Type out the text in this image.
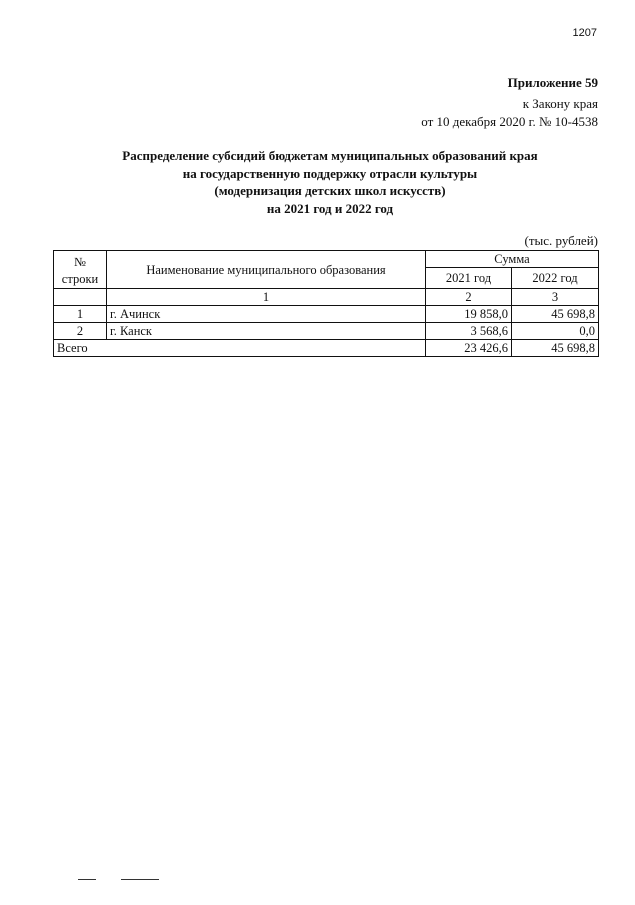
1207
Приложение 59
к Закону края
от 10 декабря 2020 г. № 10-4538
Распределение субсидий бюджетам муниципальных образований края
на государственную поддержку отрасли культуры
(модернизация детских школ искусств)
на 2021 год и 2022 год
(тыс. рублей)
№
строки	Наименование муниципального образования	Сумма	
		2021 год	2022 год
	1	2	3
1	г. Ачинск	19 858,0	45 698,8
2	г. Канск	3 568,6	0,0
Всего		23 426,6	45 698,8
